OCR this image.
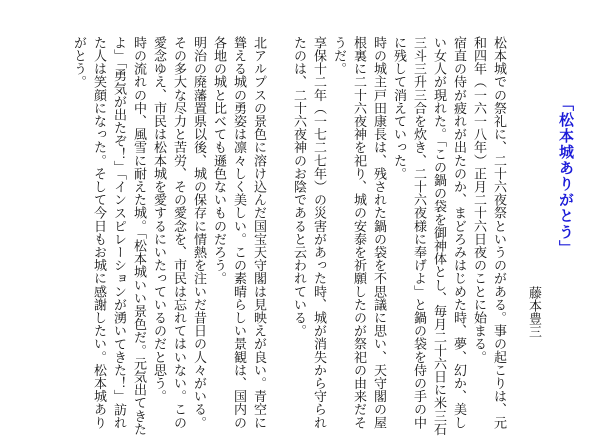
「松本城ありがとう」
藤本豊三

松本城での祭礼に、二十六夜祭というのがある。事の起こりは、元和四年（一六一八年）正月二十六日夜のことに始まる。

宿直の侍が疲れが出たのか、まどろみはじめた時、夢、幻か、美しい女人が現れた。「この鍋の袋を御神体とし、毎月二十六日に米三石三斗三升三合を炊き、二十六夜様に奉げよ」と鍋の袋を侍の手の中に残して消えていった。

時の城主戸田康長は、残された鍋の袋を不思議に思い、天守閣の屋根裏に二十六夜神を祀り、城の安泰を祈願したのが祭祀の由来だそうだ。

享保十二年（一七二七年）の災害があった時、城が消失から守られたのは、二十六夜神のお陰であると云われている。

北アルプスの景色に溶け込んだ国宝天守閣は見映えが良い。青空に聳える城の勇姿は凛々しく美しい。この素晴らしい景観は、国内の各地の城と比べても遜色ないものだろう。

明治の廃藩置県以後、城の保存に情熱を注いだ昔日の人々がいる。その多大な尽力と苦労、その愛念を、市民は忘れてはいない。この愛念ゆえ、市民は松本城を愛するにいたっているのだと思う。

時の流れの中、風雪に耐えた城。「松本城いい景色だ。元気出てきたよ」「勇気が出たぞ！」「インスピレーションが湧いてきた！」訪れた人は笑顔になった。そして今日もお城に感謝したい。松本城ありがとう。
